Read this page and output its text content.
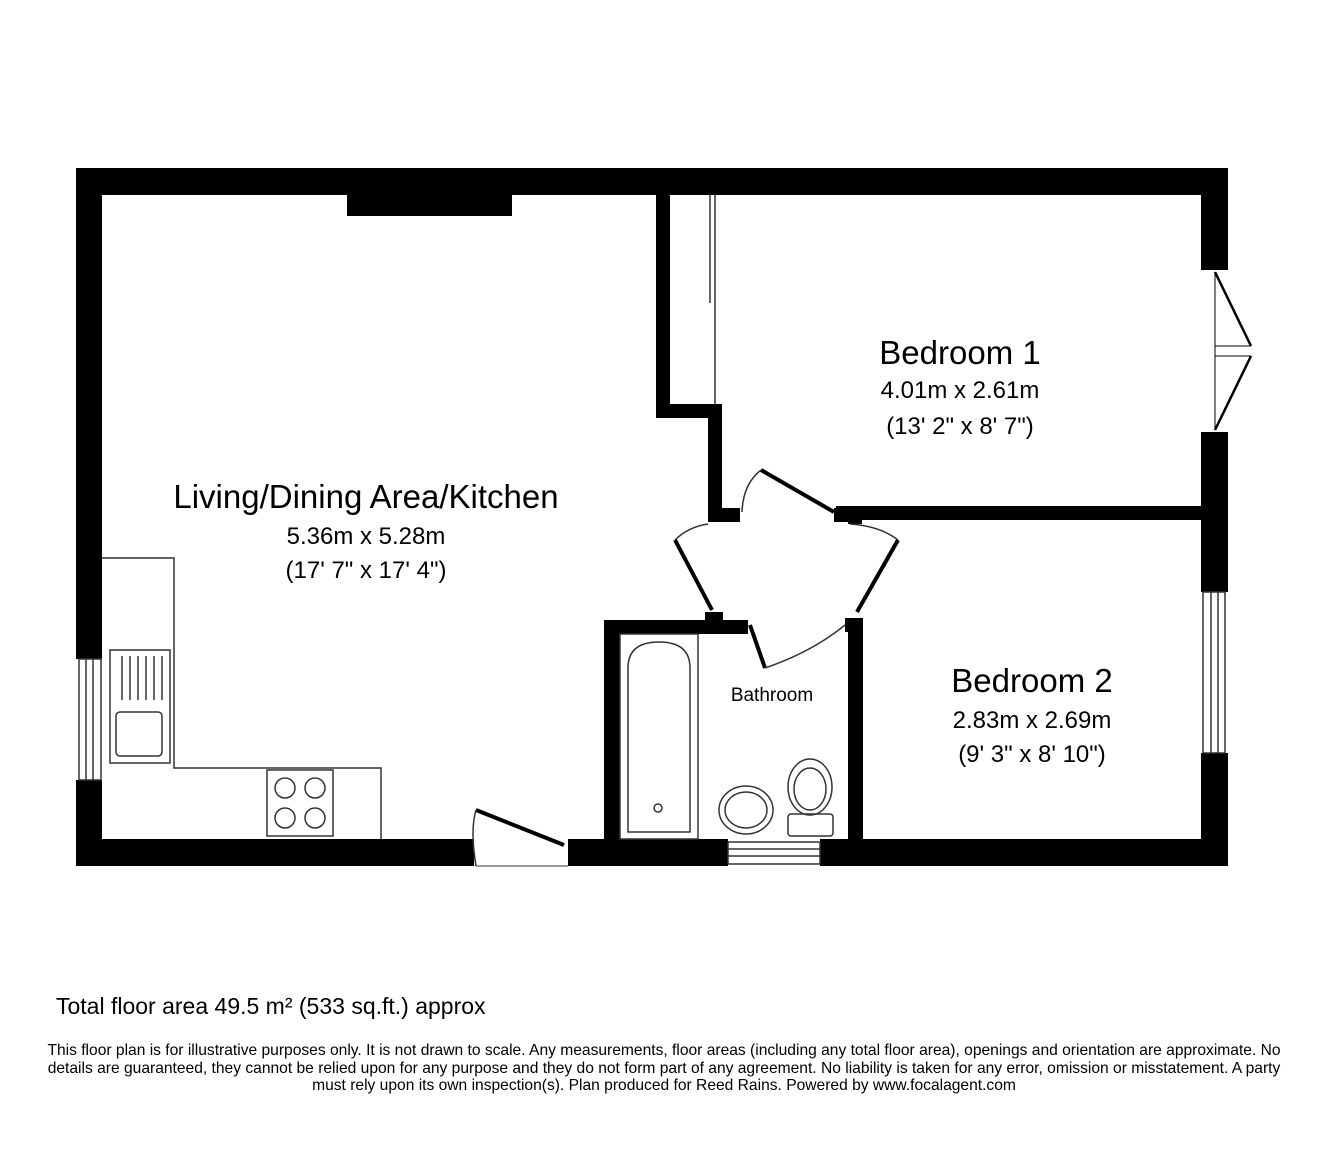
Living/Dining Area/Kitchen
5.36m x 5.28m
(17' 7" x 17' 4")
Bedroom 1
4.01m x 2.61m
(13' 2" x 8' 7")
Bedroom 2
2.83m x 2.69m
(9' 3" x 8' 10")
Bathroom
Total floor area 49.5 m² (533 sq.ft.) approx
This floor plan is for illustrative purposes only. It is not drawn to scale. Any measurements, floor areas (including any total floor area), openings and orientation are approximate. No details are guaranteed, they cannot be relied upon for any purpose and they do not form part of any agreement. No liability is taken for any error, omission or misstatement. A party must rely upon its own inspection(s). Plan produced for Reed Rains. Powered by www.focalagent.com
